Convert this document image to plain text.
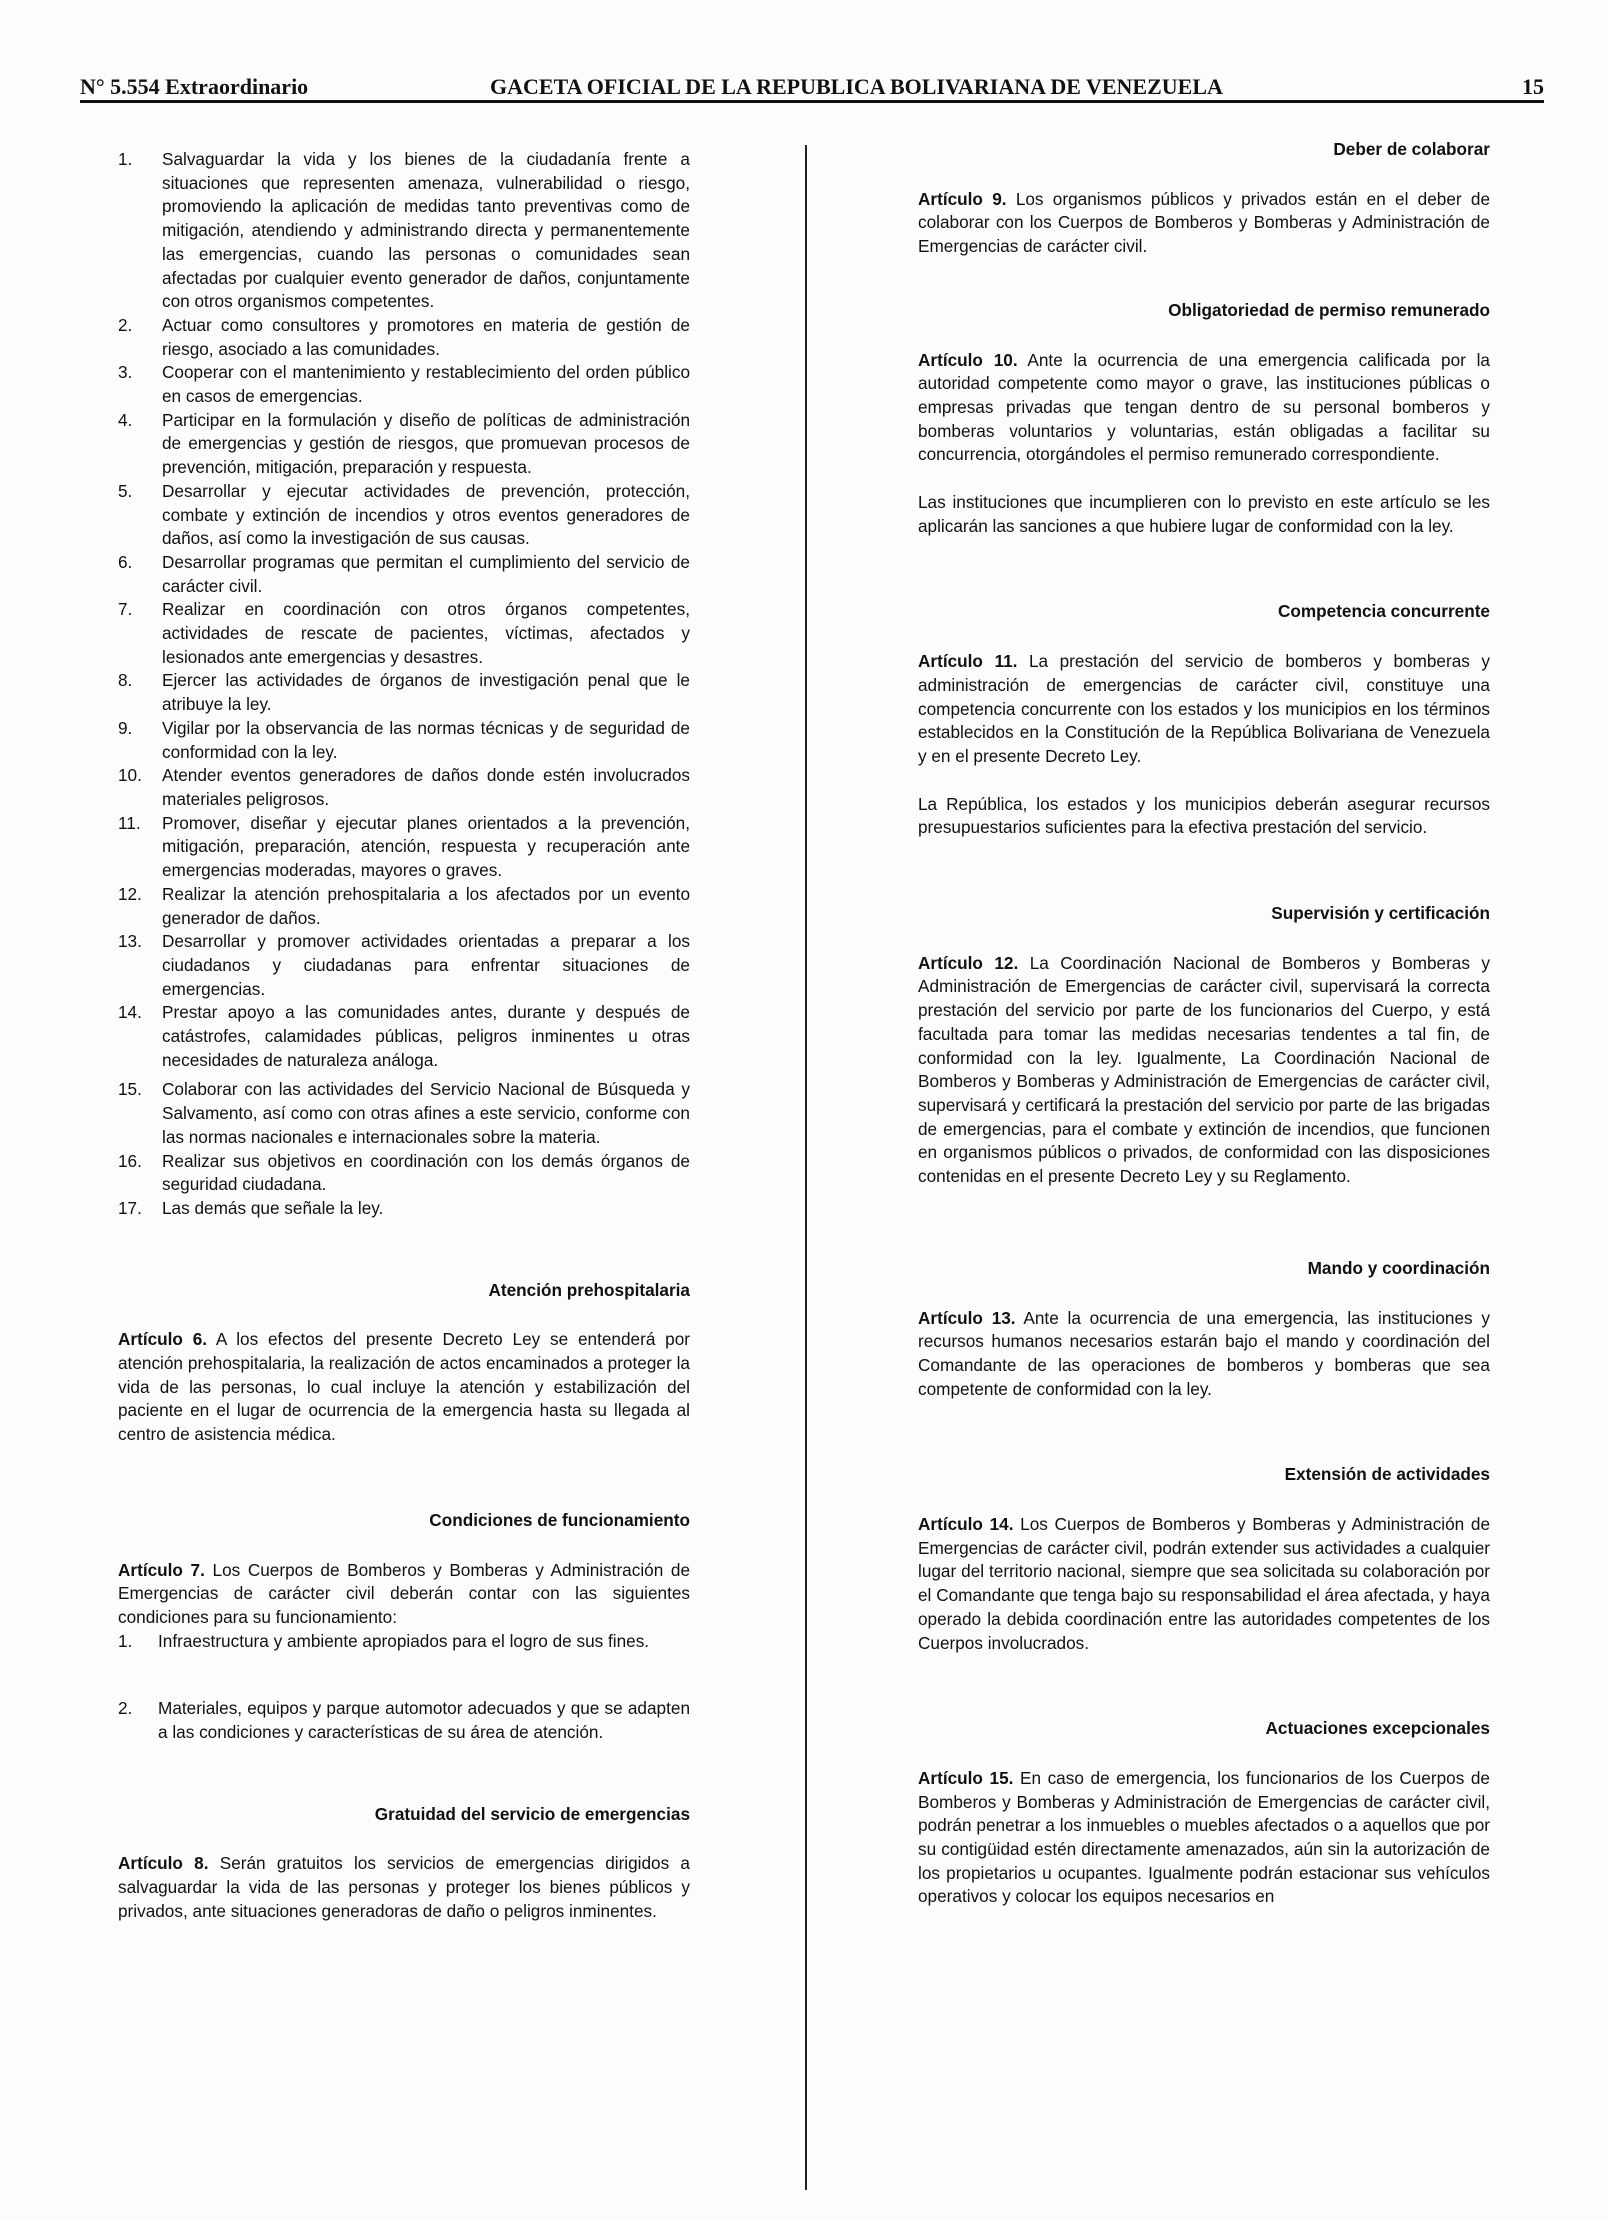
N° 5.554 Extraordinario	GACETA OFICIAL DE LA REPUBLICA BOLIVARIANA DE VENEZUELA	15
1.	Salvaguardar la vida y los bienes de la ciudadanía frente a situaciones que representen amenaza, vulnerabilidad o riesgo, promoviendo la aplicación de medidas tanto preventivas como de mitigación, atendiendo y administrando directa y permanentemente las emergencias, cuando las personas o comunidades sean afectadas por cualquier evento generador de daños, conjuntamente con otros organismos competentes.
2.	Actuar como consultores y promotores en materia de gestión de riesgo, asociado a las comunidades.
3.	Cooperar con el mantenimiento y restablecimiento del orden público en casos de emergencias.
4.	Participar en la formulación y diseño de políticas de administración de emergencias y gestión de riesgos, que promuevan procesos de prevención, mitigación, preparación y respuesta.
5.	Desarrollar y ejecutar actividades de prevención, protección, combate y extinción de incendios y otros eventos generadores de daños, así como la investigación de sus causas.
6.	Desarrollar programas que permitan el cumplimiento del servicio de carácter civil.
7.	Realizar en coordinación con otros órganos competentes, actividades de rescate de pacientes, víctimas, afectados y lesionados ante emergencias y desastres.
8.	Ejercer las actividades de órganos de investigación penal que le atribuye la ley.
9.	Vigilar por la observancia de las normas técnicas y de seguridad de conformidad con la ley.
10.	Atender eventos generadores de daños donde estén involucrados materiales peligrosos.
11.	Promover, diseñar y ejecutar planes orientados a la prevención, mitigación, preparación, atención, respuesta y recuperación ante emergencias moderadas, mayores o graves.
12.	Realizar la atención prehospitalaria a los afectados por un evento generador de daños.
13.	Desarrollar y promover actividades orientadas a preparar a los ciudadanos y ciudadanas para enfrentar situaciones de emergencias.
14.	Prestar apoyo a las comunidades antes, durante y después de catástrofes, calamidades públicas, peligros inminentes u otras necesidades de naturaleza análoga.
15.	Colaborar con las actividades del Servicio Nacional de Búsqueda y Salvamento, así como con otras afines a este servicio, conforme con las normas nacionales e internacionales sobre la materia.
16.	Realizar sus objetivos en coordinación con los demás órganos de seguridad ciudadana.
17.	Las demás que señale la ley.
Atención prehospitalaria

Artículo 6. A los efectos del presente Decreto Ley se entenderá por atención prehospitalaria, la realización de actos encaminados a proteger la vida de las personas, lo cual incluye la atención y estabilización del paciente en el lugar de ocurrencia de la emergencia hasta su llegada al centro de asistencia médica.

Condiciones de funcionamiento

Artículo 7. Los Cuerpos de Bomberos y Bomberas y Administración de Emergencias de carácter civil deberán contar con las siguientes condiciones para su funcionamiento:

1.	Infraestructura y ambiente apropiados para el logro de sus fines.
2.	Materiales, equipos y parque automotor adecuados y que se adapten a las condiciones y características de su área de atención.
Gratuidad del servicio de emergencias

Artículo 8. Serán gratuitos los servicios de emergencias dirigidos a salvaguardar la vida de las personas y proteger los bienes públicos y privados, ante situaciones generadoras de daño o peligros inminentes.

Deber de colaborar

Artículo 9. Los organismos públicos y privados están en el deber de colaborar con los Cuerpos de Bomberos y Bomberas y Administración de Emergencias de carácter civil.

Obligatoriedad de permiso remunerado

Artículo 10. Ante la ocurrencia de una emergencia calificada por la autoridad competente como mayor o grave, las instituciones públicas o empresas privadas que tengan dentro de su personal bomberos y bomberas voluntarios y voluntarias, están obligadas a facilitar su concurrencia, otorgándoles el permiso remunerado correspondiente.

Las instituciones que incumplieren con lo previsto en este artículo se les aplicarán las sanciones a que hubiere lugar de conformidad con la ley.

Competencia concurrente

Artículo 11. La prestación del servicio de bomberos y bomberas y administración de emergencias de carácter civil, constituye una competencia concurrente con los estados y los municipios en los términos establecidos en la Constitución de la República Bolivariana de Venezuela y en el presente Decreto Ley.

La República, los estados y los municipios deberán asegurar recursos presupuestarios suficientes para la efectiva prestación del servicio.

Supervisión y certificación

Artículo 12. La Coordinación Nacional de Bomberos y Bomberas y Administración de Emergencias de carácter civil, supervisará la correcta prestación del servicio por parte de los funcionarios del Cuerpo, y está facultada para tomar las medidas necesarias tendentes a tal fin, de conformidad con la ley. Igualmente, La Coordinación Nacional de Bomberos y Bomberas y Administración de Emergencias de carácter civil, supervisará y certificará la prestación del servicio por parte de las brigadas de emergencias, para el combate y extinción de incendios, que funcionen en organismos públicos o privados, de conformidad con las disposiciones contenidas en el presente Decreto Ley y su Reglamento.

Mando y coordinación

Artículo 13. Ante la ocurrencia de una emergencia, las instituciones y recursos humanos necesarios estarán bajo el mando y coordinación del Comandante de las operaciones de bomberos y bomberas que sea competente de conformidad con la ley.

Extensión de actividades

Artículo 14. Los Cuerpos de Bomberos y Bomberas y Administración de Emergencias de carácter civil, podrán extender sus actividades a cualquier lugar del territorio nacional, siempre que sea solicitada su colaboración por el Comandante que tenga bajo su responsabilidad el área afectada, y haya operado la debida coordinación entre las autoridades competentes de los Cuerpos involucrados.

Actuaciones excepcionales

Artículo 15. En caso de emergencia, los funcionarios de los Cuerpos de Bomberos y Bomberas y Administración de Emergencias de carácter civil, podrán penetrar a los inmuebles o muebles afectados o a aquellos que por su contigüidad estén directamente amenazados, aún sin la autorización de los propietarios u ocupantes. Igualmente podrán estacionar sus vehículos operativos y colocar los equipos necesarios en
